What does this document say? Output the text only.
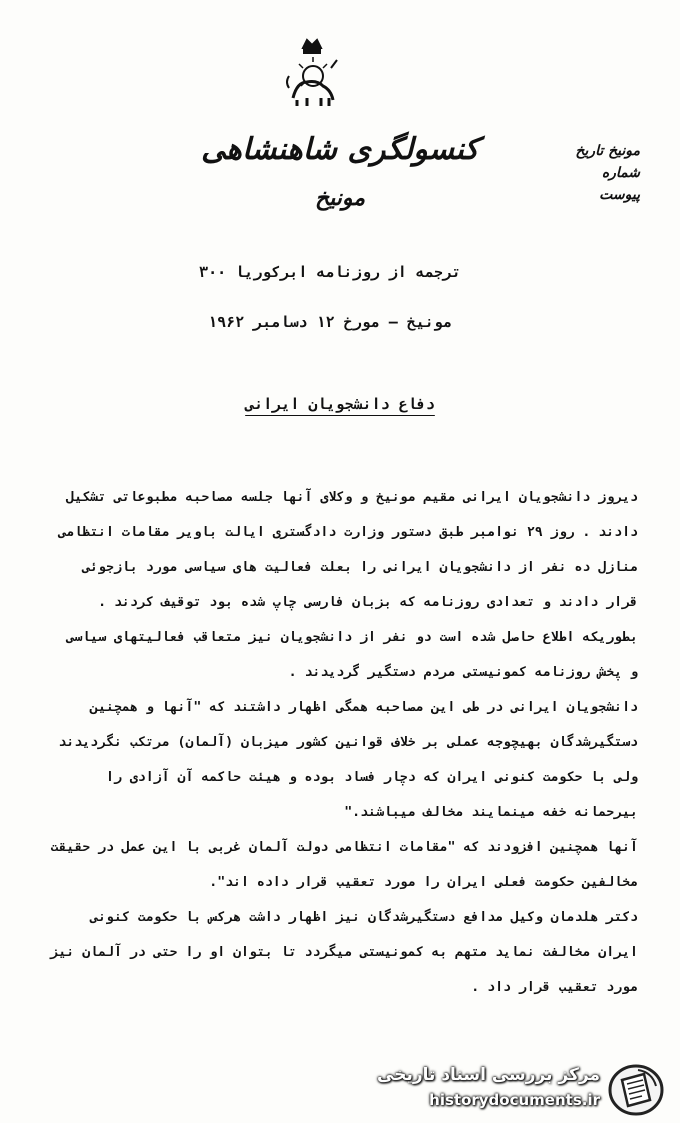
کنسولگری شاهنشاهی
مونیخ
مونیخ تاریخ
شماره
پیوست
ترجمه از روزنامه ابرکوریا ۳۰۰
مونیخ — مورخ ۱۲ دسامبر ۱۹۶۲
دفاع دانشجویان ایرانی
دیروز دانشجویان ایرانی مقیم مونیخ و وکلای آنها جلسه مصاحبه مطبوعاتی تشکیل
دادند . روز ۲۹ نوامبر طبق دستور وزارت دادگستری ایالت باویر مقامات انتظامی
منازل ده نفر از دانشجویان ایرانی را بعلت فعالیت های سیاسی مورد بازجوئی
قرار دادند و تعدادی روزنامه که بزبان فارسی چاپ شده بود توقیف کردند .
بطوریکه اطلاع حاصل شده است دو نفر از دانشجویان نیز متعاقب فعالیتهای سیاسی
و پخش روزنامه کمونیستی مردم دستگیر گردیدند .
دانشجویان ایرانی در طی این مصاحبه همگی اظهار داشتند که "آنها و همچنین
دستگیرشدگان بهیچوجه عملی بر خلاف قوانین کشور میزبان (آلمان) مرتکب نگردیدند
ولی با حکومت کنونی ایران که دچار فساد بوده و هیئت حاکمه آن آزادی را
بیرحمانه خفه مینمایند مخالف میباشند."
آنها همچنین افزودند که "مقامات انتظامی دولت آلمان غربی با این عمل در حقیقت
مخالفین حکومت فعلی ایران را مورد تعقیب قرار داده اند".
دکتر هلدمان وکیل مدافع دستگیرشدگان نیز اظهار داشت هرکس با حکومت کنونی
ایران مخالفت نماید متهم به کمونیستی میگردد تا بتوان او را حتی در آلمان نیز
مورد تعقیب قرار داد .
مرکز بررسی اسناد تاریخی
historydocuments.ir
